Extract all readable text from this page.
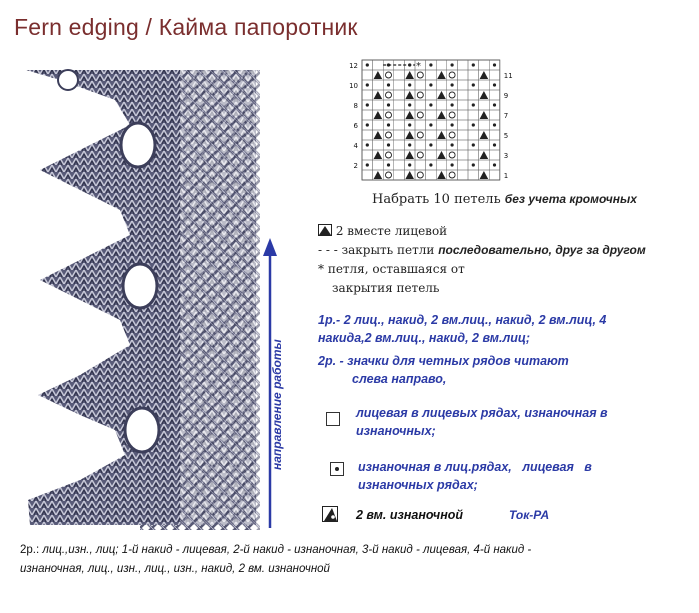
Fern edging / Кайма папоротник
направление работы
*
12
10
8
6
4
2
11
9
7
5
3
1
Набрать 10 петель без учета кромочных
2 вместе лицевой
- - - закрыть петли последовательно, друг за другом
* петля, оставшаяся от
закрытия петель
1р.- 2 лиц., накид, 2 вм.лиц., накид, 2 вм.лиц, 4
накида,2 вм.лиц., накид, 2 вм.лиц;
2р. - значки для четных рядов читают
слева направо,
лицевая в лицевых рядах, изнаночная в
изнаночных;
изнаночная в лиц.рядах,   лицевая   в
изнаночных рядах;
2 вм. изнаночной	Ток-РА
2р.: лиц.,изн., лиц; 1-й накид - лицевая, 2-й накид - изнаночная, 3-й накид - лицевая, 4-й накид -
изнаночная, лиц., изн., лиц., изн., накид, 2 вм. изнаночной
